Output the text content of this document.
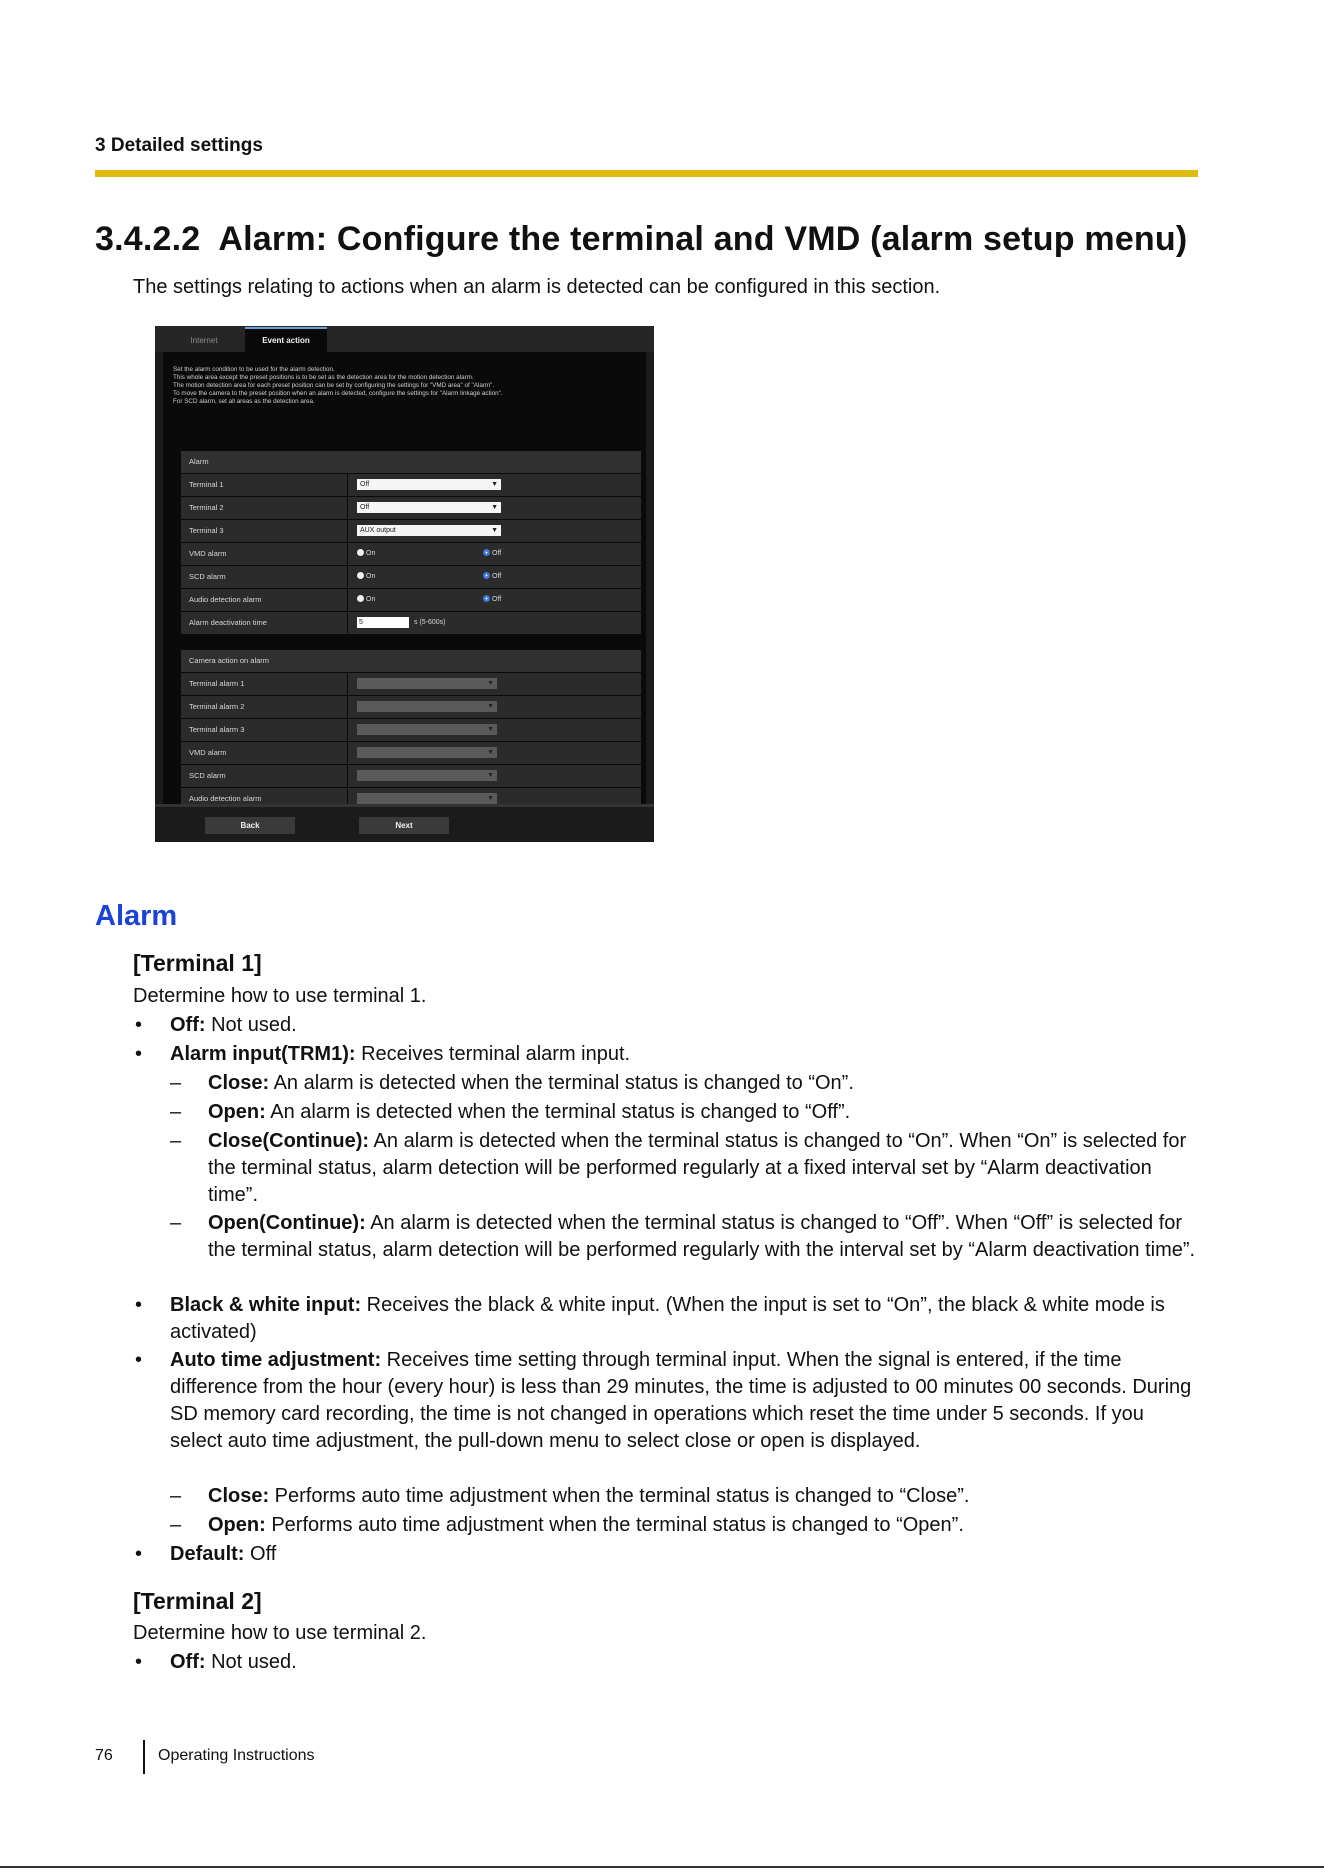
3 Detailed settings
3.4.2.2 Alarm: Configure the terminal and VMD (alarm setup menu)
The settings relating to actions when an alarm is detected can be configured in this section.
Internet	Event action
Set the alarm condition to be used for the alarm detection.
This whole area except the preset positions is to be set as the detection area for the motion detection alarm.
The motion detection area for each preset position can be set by configuring the settings for "VMD area" of "Alarm".
To move the camera to the preset position when an alarm is detected, configure the settings for "Alarm linkage action".
For SCD alarm, set all areas as the detection area.
Alarm
Terminal 1	Off	▼
Terminal 2	Off	▼
Terminal 3	AUX output	▼
VMD alarm	On	Off
SCD alarm	On	Off
Audio detection alarm	On	Off
Alarm deactivation time	5	s (5-600s)
Camera action on alarm
Terminal alarm 1	▼
Terminal alarm 2	▼
Terminal alarm 3	▼
VMD alarm	▼
SCD alarm	▼
Audio detection alarm	▼
Back	Next
Alarm
[Terminal 1]
Determine how to use terminal 1.
• Off: Not used.
• Alarm input(TRM1): Receives terminal alarm input.
– Close: An alarm is detected when the terminal status is changed to “On”.
– Open: An alarm is detected when the terminal status is changed to “Off”.
– Close(Continue): An alarm is detected when the terminal status is changed to “On”. When “On” is selected for the terminal status, alarm detection will be performed regularly at a fixed interval set by “Alarm deactivation time”.
– Open(Continue): An alarm is detected when the terminal status is changed to “Off”. When “Off” is selected for the terminal status, alarm detection will be performed regularly with the interval set by “Alarm deactivation time”.
• Black & white input: Receives the black & white input. (When the input is set to “On”, the black & white mode is activated)
• Auto time adjustment: Receives time setting through terminal input. When the signal is entered, if the time difference from the hour (every hour) is less than 29 minutes, the time is adjusted to 00 minutes 00 seconds. During SD memory card recording, the time is not changed in operations which reset the time under 5 seconds. If you select auto time adjustment, the pull-down menu to select close or open is displayed.
– Close: Performs auto time adjustment when the terminal status is changed to “Close”.
– Open: Performs auto time adjustment when the terminal status is changed to “Open”.
• Default: Off
[Terminal 2]
Determine how to use terminal 2.
• Off: Not used.
76	Operating Instructions
